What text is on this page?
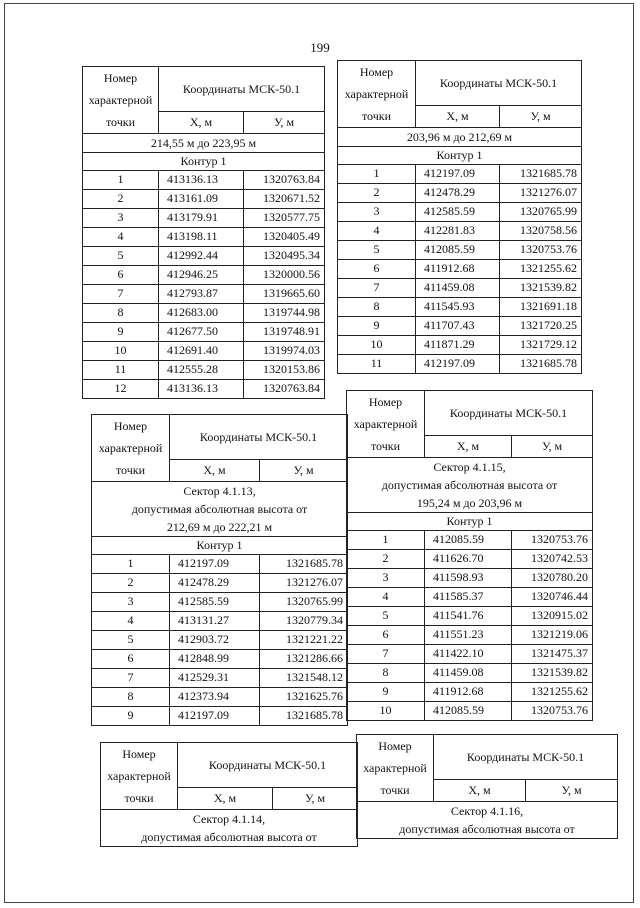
199
Номер характерной точки	Координаты МСК-50.1	
	Х, м	У, м

214,55 м до 223,95 м		

Контур 1		
1	413136.13	1320763.84
2	413161.09	1320671.52
3	413179.91	1320577.75
4	413198.11	1320405.49
5	412992.44	1320495.34
6	412946.25	1320000.56
7	412793.87	1319665.60
8	412683.00	1319744.98
9	412677.50	1319748.91
10	412691.40	1319974.03
11	412555.28	1320153.86
12	413136.13	1320763.84
Номер характерной точки	Координаты МСК-50.1	
	Х, м	У, м

203,96 м до 212,69 м		

Контур 1		
1	412197.09	1321685.78
2	412478.29	1321276.07
3	412585.59	1320765.99
4	412281.83	1320758.56
5	412085.59	1320753.76
6	411912.68	1321255.62
7	411459.08	1321539.82
8	411545.93	1321691.18
9	411707.43	1321720.25
10	411871.29	1321729.12
11	412197.09	1321685.78
Номер характерной точки	Координаты МСК-50.1	
	Х, м	У, м

Сектор 4.1.13,
допустимая абсолютная высота от
212,69 м до 222,21 м		

Контур 1		
1	412197.09	1321685.78
2	412478.29	1321276.07
3	412585.59	1320765.99
4	413131.27	1320779.34
5	412903.72	1321221.22
6	412848.99	1321286.66
7	412529.31	1321548.12
8	412373.94	1321625.76
9	412197.09	1321685.78
Номер характерной точки	Координаты МСК-50.1	
	Х, м	У, м

Сектор 4.1.15,
допустимая абсолютная высота от
195,24 м до 203,96 м		

Контур 1		
1	412085.59	1320753.76
2	411626.70	1320742.53
3	411598.93	1320780.20
4	411585.37	1320746.44
5	411541.76	1320915.02
6	411551.23	1321219.06
7	411422.10	1321475.37
8	411459.08	1321539.82
9	411912.68	1321255.62
10	412085.59	1320753.76
Номер характерной точки	Координаты МСК-50.1	
	Х, м	У, м

Сектор 4.1.14,
допустимая абсолютная высота от		
Номер характерной точки	Координаты МСК-50.1	
	Х, м	У, м

Сектор 4.1.16,
допустимая абсолютная высота от		
